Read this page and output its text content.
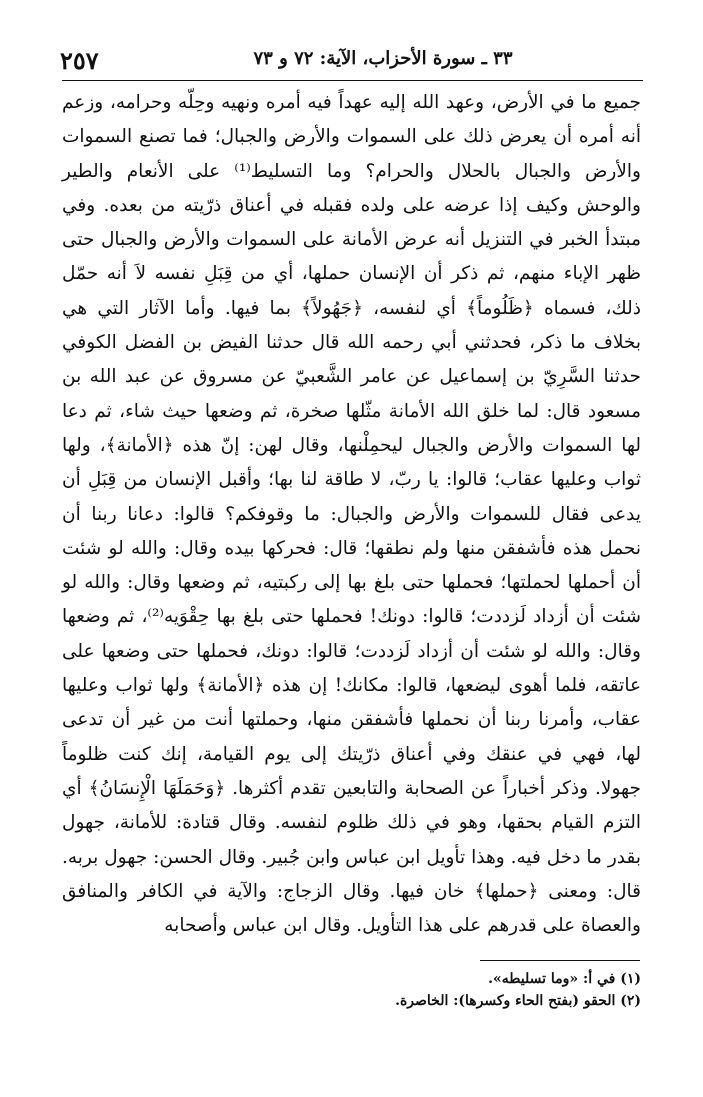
٣٣ ـ سورة الأحزاب، الآية: ٧٢ و ٧٣
٢٥٧

جميع ما في الأرض، وعهد الله إليه عهداً فيه أمره ونهيه وحِلّه وحرامه، وزعم أنه أمره أن يعرض ذلك على السموات والأرض والجبال؛ فما تصنع السموات والأرض والجبال بالحلال والحرام؟ وما التسليط⁽¹⁾ على الأنعام والطير والوحش وكيف إذا عرضه على ولده فقبله في أعناق ذرّيته من بعده. وفي مبتدأ الخبر في التنزيل أنه عرض الأمانة على السموات والأرض والجبال حتى ظهر الإباء منهم، ثم ذكر أن الإنسان حملها، أي من قِبَلِ نفسه لاَ أنه حمّل ذلك، فسماه ﴿ظَلُوماً﴾ أي لنفسه، ﴿جَهُولاً﴾ بما فيها. وأما الآثار التي هي بخلاف ما ذكر، فحدثني أبي رحمه الله قال حدثنا الفيض بن الفضل الكوفي حدثنا السَّرِيّ بن إسماعيل عن عامر الشَّعبيّ عن مسروق عن عبد الله بن مسعود قال: لما خلق الله الأمانة مثّلها صخرة، ثم وضعها حيث شاء، ثم دعا لها السموات والأرض والجبال ليحمِلْنها، وقال لهن: إنّ هذه ﴿الأمانة﴾، ولها ثواب وعليها عقاب؛ قالوا: يا ربّ، لا طاقة لنا بها؛ وأقبل الإنسان من قِبَلِ أن يدعى فقال للسموات والأرض والجبال: ما وقوفكم؟ قالوا: دعانا ربنا أن نحمل هذه فأشفقن منها ولم نطقها؛ قال: فحركها بيده وقال: والله لو شئت أن أحملها لحملتها؛ فحملها حتى بلغ بها إلى ركبتيه، ثم وضعها وقال: والله لو شئت أن أزداد لَزددت؛ قالوا: دونك! فحملها حتى بلغ بها حِقْوَيه⁽²⁾، ثم وضعها وقال: والله لو شئت أن أزداد لَزددت؛ قالوا: دونك، فحملها حتى وضعها على عاتقه، فلما أهوى ليضعها، قالوا: مكانك! إن هذه ﴿الأمانة﴾ ولها ثواب وعليها عقاب، وأمرنا ربنا أن نحملها فأشفقن منها، وحملتها أنت من غير أن تدعى لها، فهي في عنقك وفي أعناق ذرّيتك إلى يوم القيامة، إنك كنت ظلوماً جهولا. وذكر أخباراً عن الصحابة والتابعين تقدم أكثرها. ﴿وَحَمَلَهَا الْإِنسَانُ﴾ أي التزم القيام بحقها، وهو في ذلك ظلوم لنفسه. وقال قتادة: للأمانة، جهول بقدر ما دخل فيه. وهذا تأويل ابن عباس وابن جُبير. وقال الحسن: جهول بربه. قال: ومعنى ﴿حملها﴾ خان فيها. وقال الزجاج: والآية في الكافر والمنافق والعصاة على قدرهم على هذا التأويل. وقال ابن عباس وأصحابه

(١) في أ: «وما تسليطه».

(٢) الحقو (بفتح الحاء وكسرها): الخاصرة.
